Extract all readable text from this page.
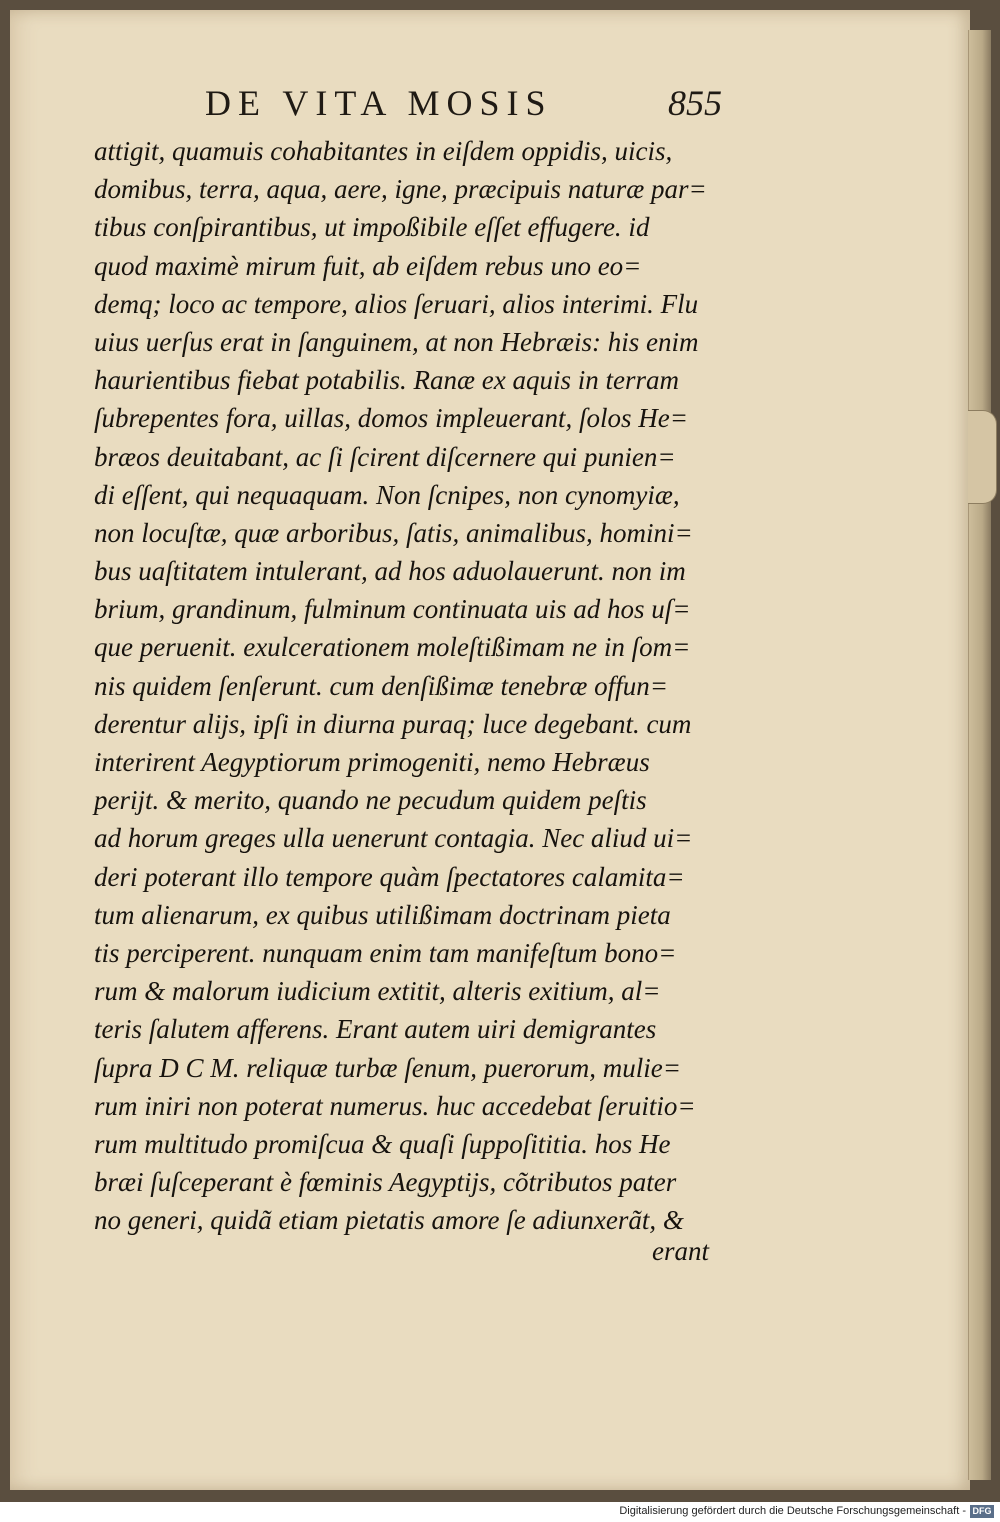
DE VITA MOSIS	855
attigit, quamuis cohabitantes in eiſdem oppidis, uicis,
domibus, terra, aqua, aere, igne, præcipuis naturæ par=
tibus conſpirantibus, ut impoßibile eſſet effugere. id
quod maximè mirum fuit, ab eiſdem rebus uno eo=
demq; loco ac tempore, alios ſeruari, alios interimi. Flu
uius uerſus erat in ſanguinem, at non Hebræis: his enim
haurientibus fiebat potabilis. Ranæ ex aquis in terram
ſubrepentes fora, uillas, domos impleuerant, ſolos He=
bræos deuitabant, ac ſi ſcirent diſcernere qui punien=
di eſſent, qui nequaquam. Non ſcnipes, non cynomyiæ,
non locuſtæ, quæ arboribus, ſatis, animalibus, homini=
bus uaſtitatem intulerant, ad hos aduolauerunt. non im
brium, grandinum, fulminum continuata uis ad hos uſ=
que peruenit. exulcerationem moleſtißimam ne in ſom=
nis quidem ſenſerunt. cum denſißimæ tenebræ offun=
derentur alijs, ipſi in diurna puraq; luce degebant. cum
interirent Aegyptiorum primogeniti, nemo Hebræus
perijt. & merito, quando ne pecudum quidem peſtis
ad horum greges ulla uenerunt contagia. Nec aliud ui=
deri poterant illo tempore quàm ſpectatores calamita=
tum alienarum, ex quibus utilißimam doctrinam pieta
tis perciperent. nunquam enim tam manifeſtum bono=
rum & malorum iudicium extitit, alteris exitium, al=
teris ſalutem afferens. Erant autem uiri demigrantes
ſupra D C M. reliquæ turbæ ſenum, puerorum, mulie=
rum iniri non poterat numerus. huc accedebat ſeruitio=
rum multitudo promiſcua & quaſi ſuppoſititia. hos He
bræi ſuſceperant è fœminis Aegyptijs, cõtributos pater
no generi, quidã etiam pietatis amore ſe adiunxerãt, &
erant
Digitalisierung gefördert durch die Deutsche Forschungsgemeinschaft - DFG
